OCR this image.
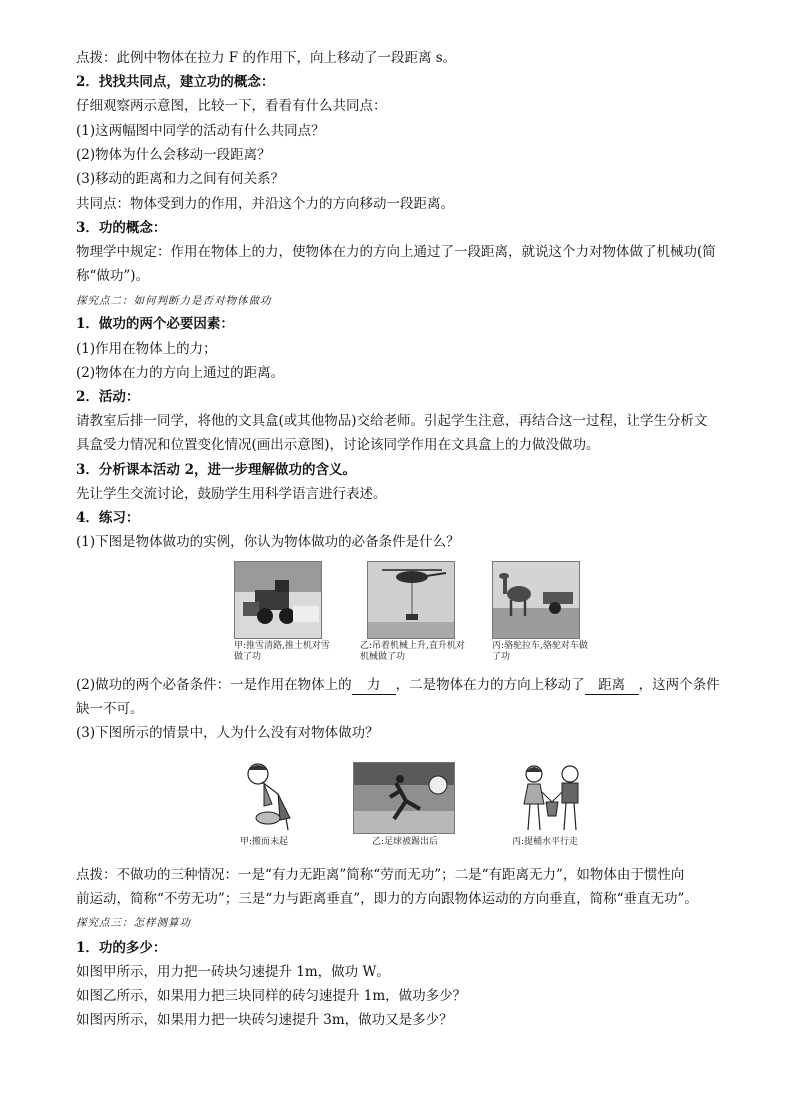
点拨：此例中物体在拉力 F 的作用下，向上移动了一段距离 s。
2．找找共同点，建立功的概念：
仔细观察两示意图，比较一下，看看有什么共同点：
(1)这两幅图中同学的活动有什么共同点？
(2)物体为什么会移动一段距离？
(3)移动的距离和力之间有何关系？
共同点：物体受到力的作用，并沿这个力的方向移动一段距离。
3．功的概念：
物理学中规定：作用在物体上的力，使物体在力的方向上通过了一段距离，就说这个力对物体做了机械功(简
称“做功”)。
探究点二：如何判断力是否对物体做功
1．做功的两个必要因素：
(1)作用在物体上的力；
(2)物体在力的方向上通过的距离。
2．活动：
请教室后排一同学，将他的文具盒(或其他物品)交给老师。引起学生注意，再结合这一过程，让学生分析文
具盒受力情况和位置变化情况(画出示意图)，讨论该同学作用在文具盒上的力做没做功。
3．分析课本活动 2，进一步理解做功的含义。
先让学生交流讨论，鼓励学生用科学语言进行表述。
4．练习：
(1)下图是物体做功的实例，你认为物体做功的必备条件是什么？
甲:推雪清路,推土机对雪做了功
乙:吊着机械上升,直升机对机械做了功
丙:骆驼拉车,骆驼对车做了功
(2)做功的两个必备条件：一是作用在物体上的 力 ，二是物体在力的方向上移动了 距离 ，这两个条件
缺一不可。
(3)下图所示的情景中，人为什么没有对物体做功？
甲:搬而未起	乙:足球被踢出后	丙:提桶水平行走
点拨：不做功的三种情况：一是“有力无距离”简称“劳而无功”；二是“有距离无力”，如物体由于惯性向
前运动，简称“不劳无功”；三是“力与距离垂直”，即力的方向跟物体运动的方向垂直，简称“垂直无功”。
探究点三：怎样测算功
1．功的多少：
如图甲所示，用力把一砖块匀速提升 1m，做功 W。
如图乙所示，如果用力把三块同样的砖匀速提升 1m，做功多少？
如图丙所示，如果用力把一块砖匀速提升 3m，做功又是多少？
